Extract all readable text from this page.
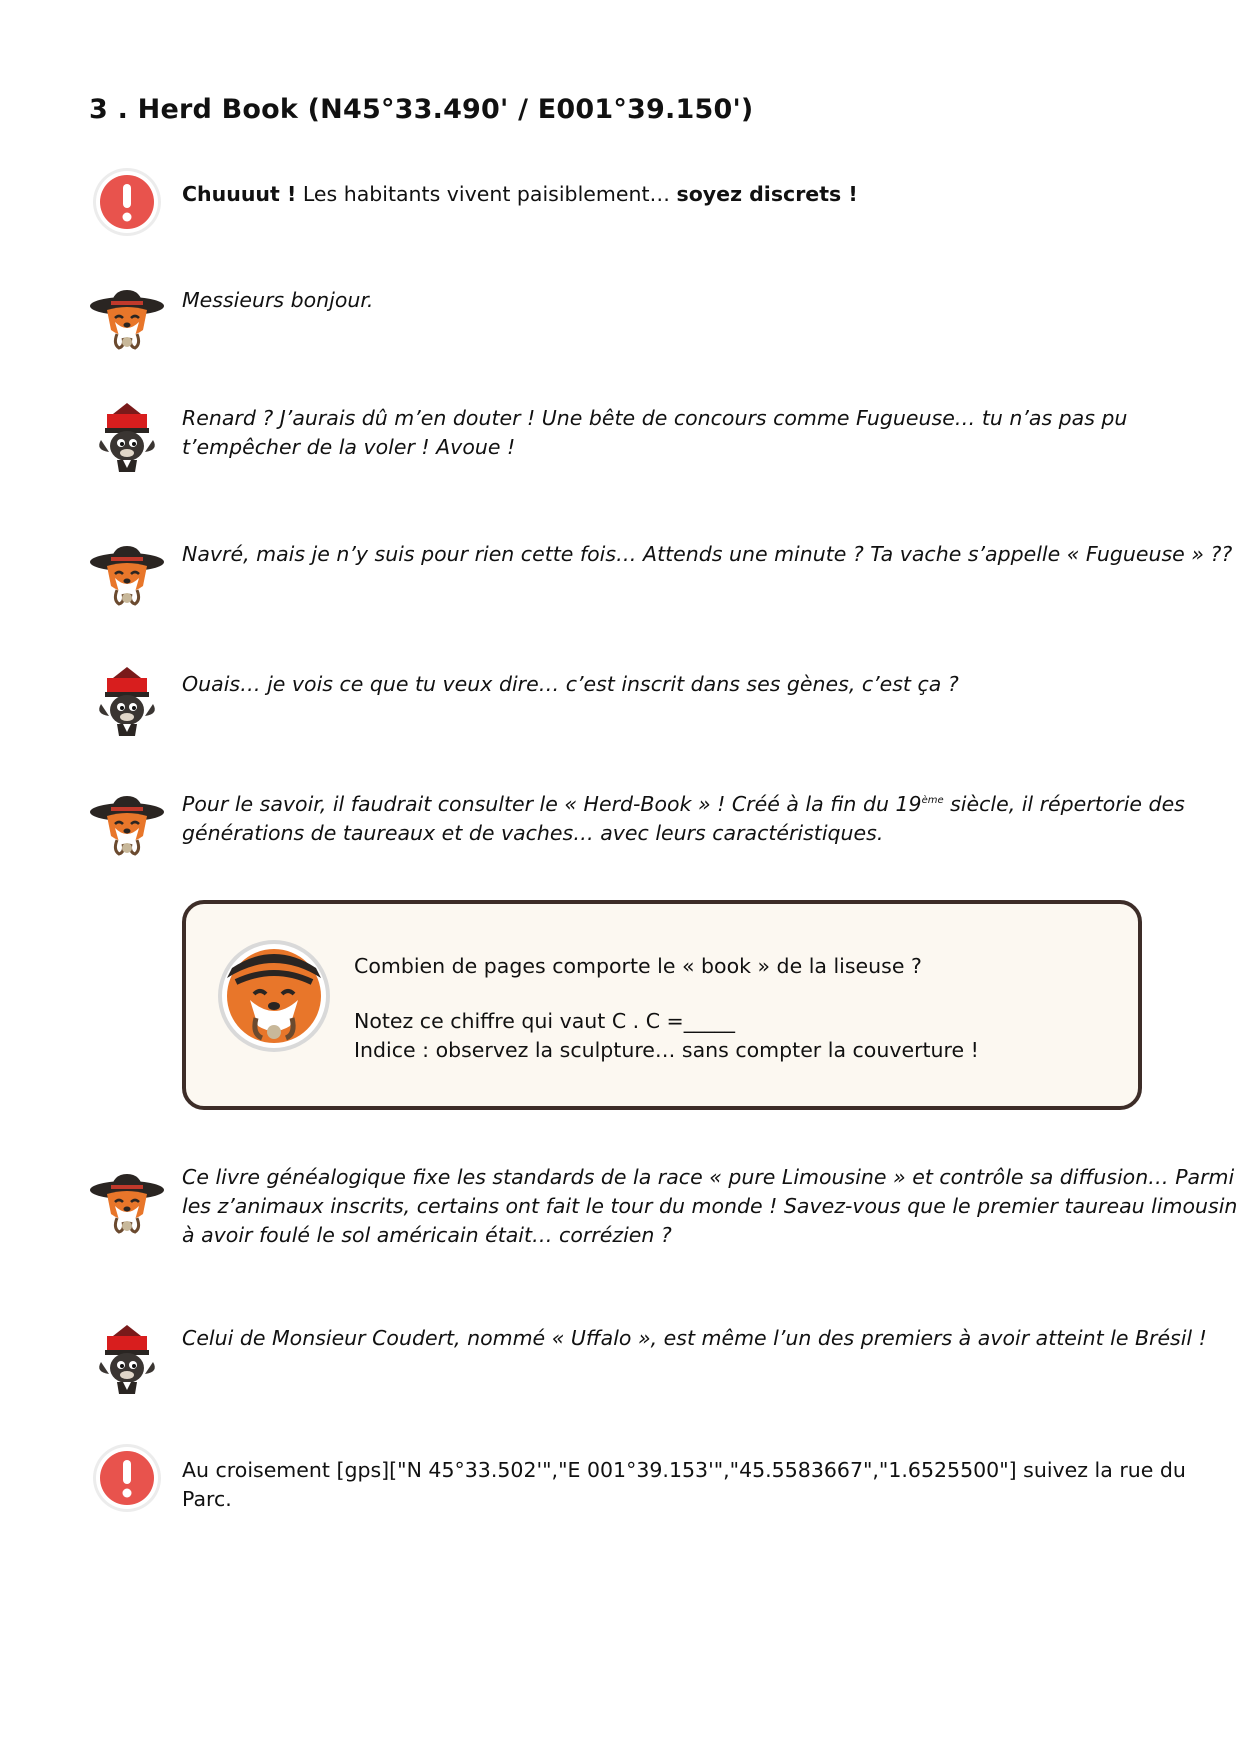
3 . Herd Book (N45°33.490' / E001°39.150')
Chuuuut ! Les habitants vivent paisiblement… soyez discrets !
Messieurs bonjour.
Renard ? J’aurais dû m’en douter ! Une bête de concours comme Fugueuse… tu n’as pas pu t’empêcher de la voler ! Avoue !
Navré, mais je n’y suis pour rien cette fois… Attends une minute ? Ta vache s’appelle « Fugueuse » ??
Ouais… je vois ce que tu veux dire… c’est inscrit dans ses gènes, c’est ça ?
Pour le savoir, il faudrait consulter le « Herd-Book » ! Créé à la fin du 19ème siècle, il répertorie des générations de taureaux et de vaches… avec leurs caractéristiques.
Combien de pages comporte le « book » de la liseuse ?
Notez ce chiffre qui vaut C . C =_____
Indice : observez la sculpture… sans compter la couverture !
Ce livre généalogique fixe les standards de la race « pure Limousine » et contrôle sa diffusion… Parmi les z’animaux inscrits, certains ont fait le tour du monde ! Savez-vous que le premier taureau limousin à avoir foulé le sol américain était… corrézien ?
Celui de Monsieur Coudert, nommé « Uffalo », est même l’un des premiers à avoir atteint le Brésil !
Au croisement [gps]["N 45°33.502'","E 001°39.153'","45.5583667","1.6525500"] suivez la rue du Parc.
